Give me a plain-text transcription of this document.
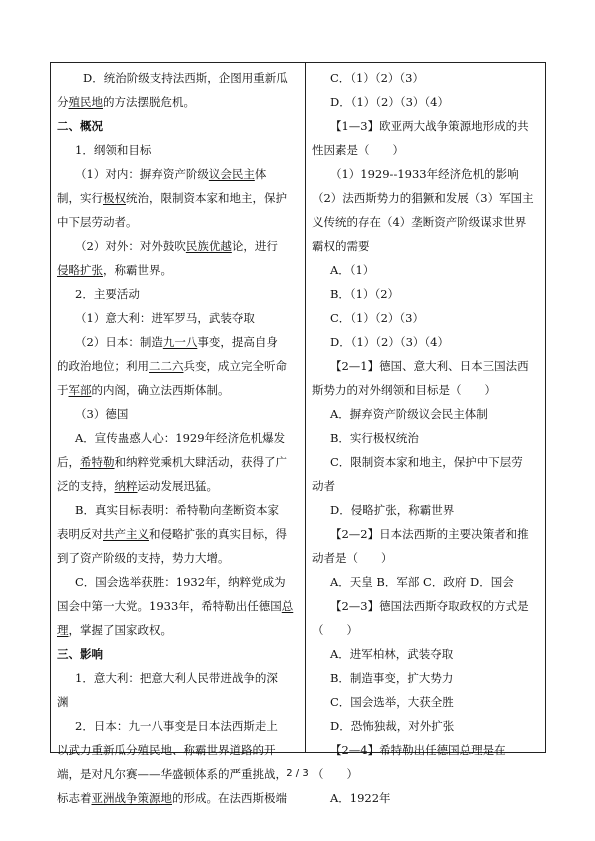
D．统治阶级支持法西斯，企图用重新瓜
分殖民地的方法摆脱危机。
二、概况
1．纲领和目标
（1）对内：摒弃资产阶级议会民主体
制，实行极权统治，限制资本家和地主，保护
中下层劳动者。
（2）对外：对外鼓吹民族优越论，进行
侵略扩张，称霸世界。
2．主要活动
（1）意大利：进军罗马，武装夺取
（2）日本：制造九一八事变，提高自身
的政治地位；利用二二六兵变，成立完全听命
于军部的内阁，确立法西斯体制。
（3）德国
A．宣传蛊惑人心：1929年经济危机爆发
后，希特勒和纳粹党乘机大肆活动，获得了广
泛的支持，纳粹运动发展迅猛。
B．真实目标表明：希特勒向垄断资本家
表明反对共产主义和侵略扩张的真实目标，得
到了资产阶级的支持，势力大增。
C．国会选举获胜：1932年，纳粹党成为
国会中第一大党。1933年，希特勒出任德国总
理，掌握了国家政权。
三、影响
1．意大利：把意大利人民带进战争的深
渊
2．日本：九一八事变是日本法西斯走上
以武力重新瓜分殖民地、称霸世界道路的开
端，是对凡尔赛——华盛顿体系的严重挑战，
标志着亚洲战争策源地的形成。在法西斯极端
C．（1）（2）（3）
D．（1）（2）（3）（4）
【1—3】欧亚两大战争策源地形成的共
性因素是（　　）
（1）1929--1933年经济危机的影响
（2）法西斯势力的猖獗和发展（3）军国主
义传统的存在（4）垄断资产阶级谋求世界
霸权的需要
A．（1）
B．（1）（2）
C．（1）（2）（3）
D．（1）（2）（3）（4）
【2—1】德国、意大利、日本三国法西
斯势力的对外纲领和目标是（　　）
A．摒弃资产阶级议会民主体制
B．实行极权统治
C．限制资本家和地主，保护中下层劳
动者
D．侵略扩张，称霸世界
【2—2】日本法西斯的主要决策者和推
动者是（　　）
A．天皇 B．军部 C．政府 D．国会
【2—3】德国法西斯夺取政权的方式是
（　　）
A．进军柏林，武装夺取
B．制造事变，扩大势力
C．国会选举，大获全胜
D．恐怖独裁，对外扩张
【2—4】希特勒出任德国总理是在
（　　）
A．1922年
2 / 3
